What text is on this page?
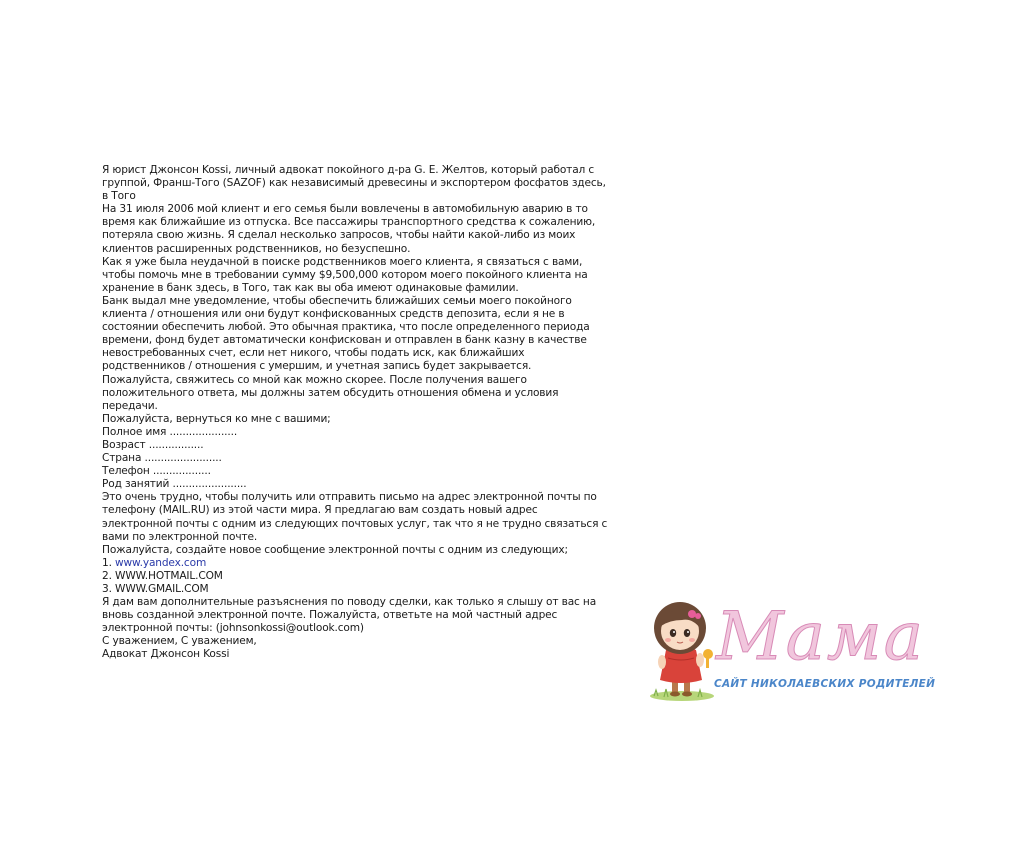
Я юрист Джонсон Kossi, личный адвокат покойного д-ра G. E. Желтов, который работал с
группой, Франш-Того (SAZOF) как независимый древесины и экспортером фосфатов здесь,
в Того
На 31 июля 2006 мой клиент и его семья были вовлечены в автомобильную аварию в то
время как ближайшие из отпуска. Все пассажиры транспортного средства к сожалению,
потеряла свою жизнь. Я сделал несколько запросов, чтобы найти какой-либо из моих
клиентов расширенных родственников, но безуспешно.
Как я уже была неудачной в поиске родственников моего клиента, я связаться с вами,
чтобы помочь мне в требовании сумму $9,500,000 котором моего покойного клиента на
хранение в банк здесь, в Того, так как вы оба имеют одинаковые фамилии.
Банк выдал мне уведомление, чтобы обеспечить ближайших семьи моего покойного
клиента / отношения или они будут конфискованных средств депозита, если я не в
состоянии обеспечить любой. Это обычная практика, что после определенного периода
времени, фонд будет автоматически конфискован и отправлен в банк казну в качестве
невостребованных счет, если нет никого, чтобы подать иск, как ближайших
родственников / отношения с умершим, и учетная запись будет закрывается.
Пожалуйста, свяжитесь со мной как можно скорее. После получения вашего
положительного ответа, мы должны затем обсудить отношения обмена и условия
передачи.
Пожалуйста, вернуться ко мне с вашими;
Полное имя .....................
Возраст .................
Страна ........................
Телефон ..................
Род занятий .......................
Это очень трудно, чтобы получить или отправить письмо на адрес электронной почты по
телефону (MAIL.RU) из этой части мира. Я предлагаю вам создать новый адрес
электронной почты с одним из следующих почтовых услуг, так что я не трудно связаться с
вами по электронной почте.
Пожалуйста, создайте новое сообщение электронной почты с одним из следующих;
1. www.yandex.com
2. WWW.HOTMAIL.COM
3. WWW.GMAIL.COM
Я дам вам дополнительные разъяснения по поводу сделки, как только я слышу от вас на
вновь созданной электронной почте. Пожалуйста, ответьте на мой частный адрес
электронной почты: (johnsonkossi@outlook.com)
С уважением, С уважением,
Адвокат Джонсон Kossi	Мама
САЙТ НИКОЛАЕВСКИХ РОДИТЕЛЕЙ
